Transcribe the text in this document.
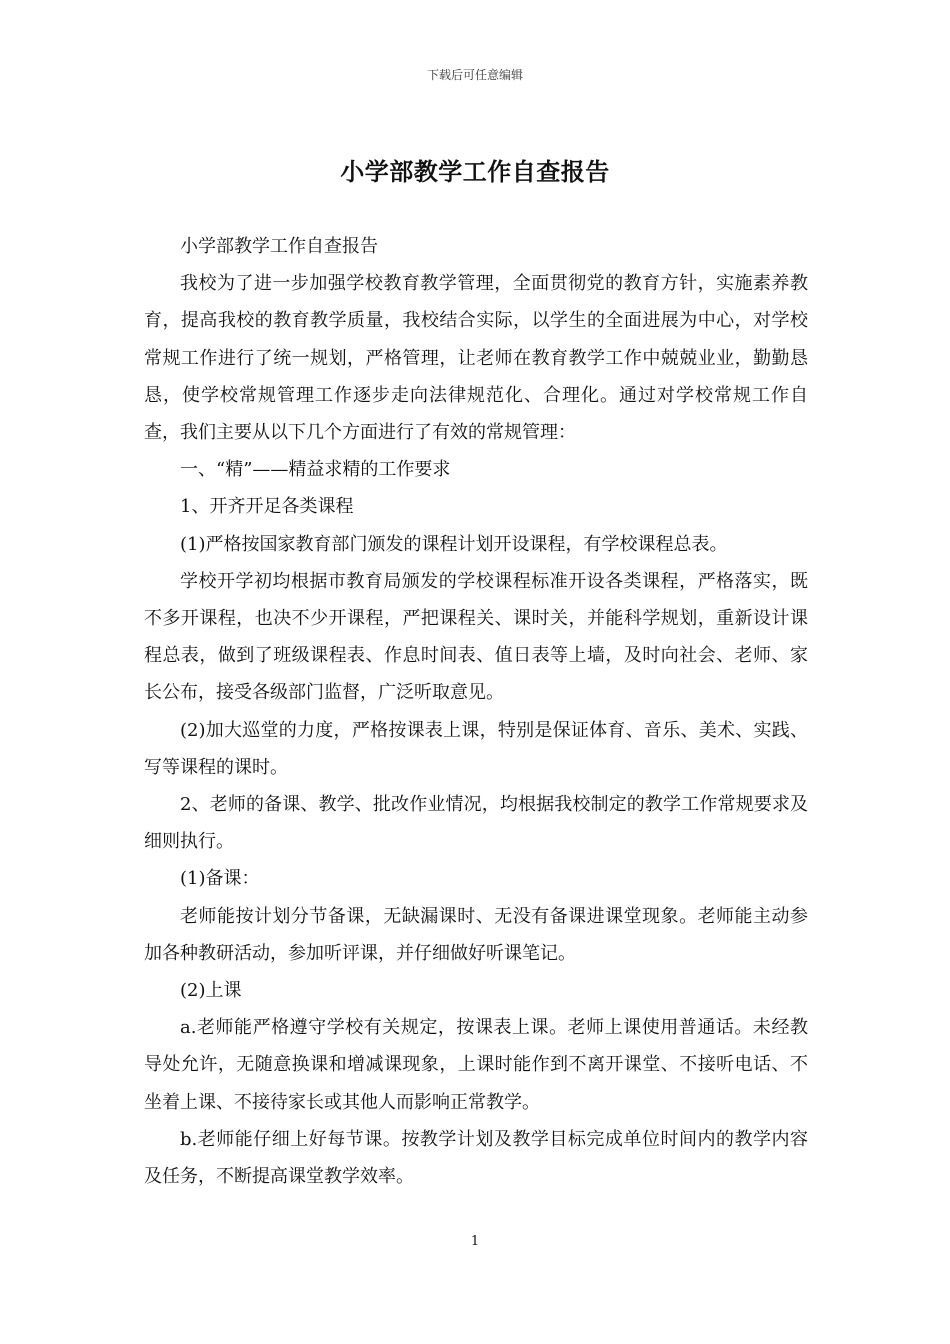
下载后可任意编辑
小学部教学工作自查报告

小学部教学工作自查报告

我校为了进一步加强学校教育教学管理，全面贯彻党的教育方针，实施素养教育，提高我校的教育教学质量，我校结合实际，以学生的全面进展为中心，对学校常规工作进行了统一规划，严格管理，让老师在教育教学工作中兢兢业业，勤勤恳恳，使学校常规管理工作逐步走向法律规范化、合理化。通过对学校常规工作自查，我们主要从以下几个方面进行了有效的常规管理：

一、“精”——精益求精的工作要求

1、开齐开足各类课程

(1)严格按国家教育部门颁发的课程计划开设课程，有学校课程总表。

学校开学初均根据市教育局颁发的学校课程标准开设各类课程，严格落实，既不多开课程，也决不少开课程，严把课程关、课时关，并能科学规划，重新设计课程总表，做到了班级课程表、作息时间表、值日表等上墙，及时向社会、老师、家长公布，接受各级部门监督，广泛听取意见。

(2)加大巡堂的力度，严格按课表上课，特别是保证体育、音乐、美术、实践、写等课程的课时。

2、老师的备课、教学、批改作业情况，均根据我校制定的教学工作常规要求及细则执行。

(1)备课：

老师能按计划分节备课，无缺漏课时、无没有备课进课堂现象。老师能主动参加各种教研活动，参加听评课，并仔细做好听课笔记。

(2)上课

a.老师能严格遵守学校有关规定，按课表上课。老师上课使用普通话。未经教导处允许，无随意换课和增减课现象，上课时能作到不离开课堂、不接听电话、不坐着上课、不接待家长或其他人而影响正常教学。

b.老师能仔细上好每节课。按教学计划及教学目标完成单位时间内的教学内容及任务，不断提高课堂教学效率。

1
